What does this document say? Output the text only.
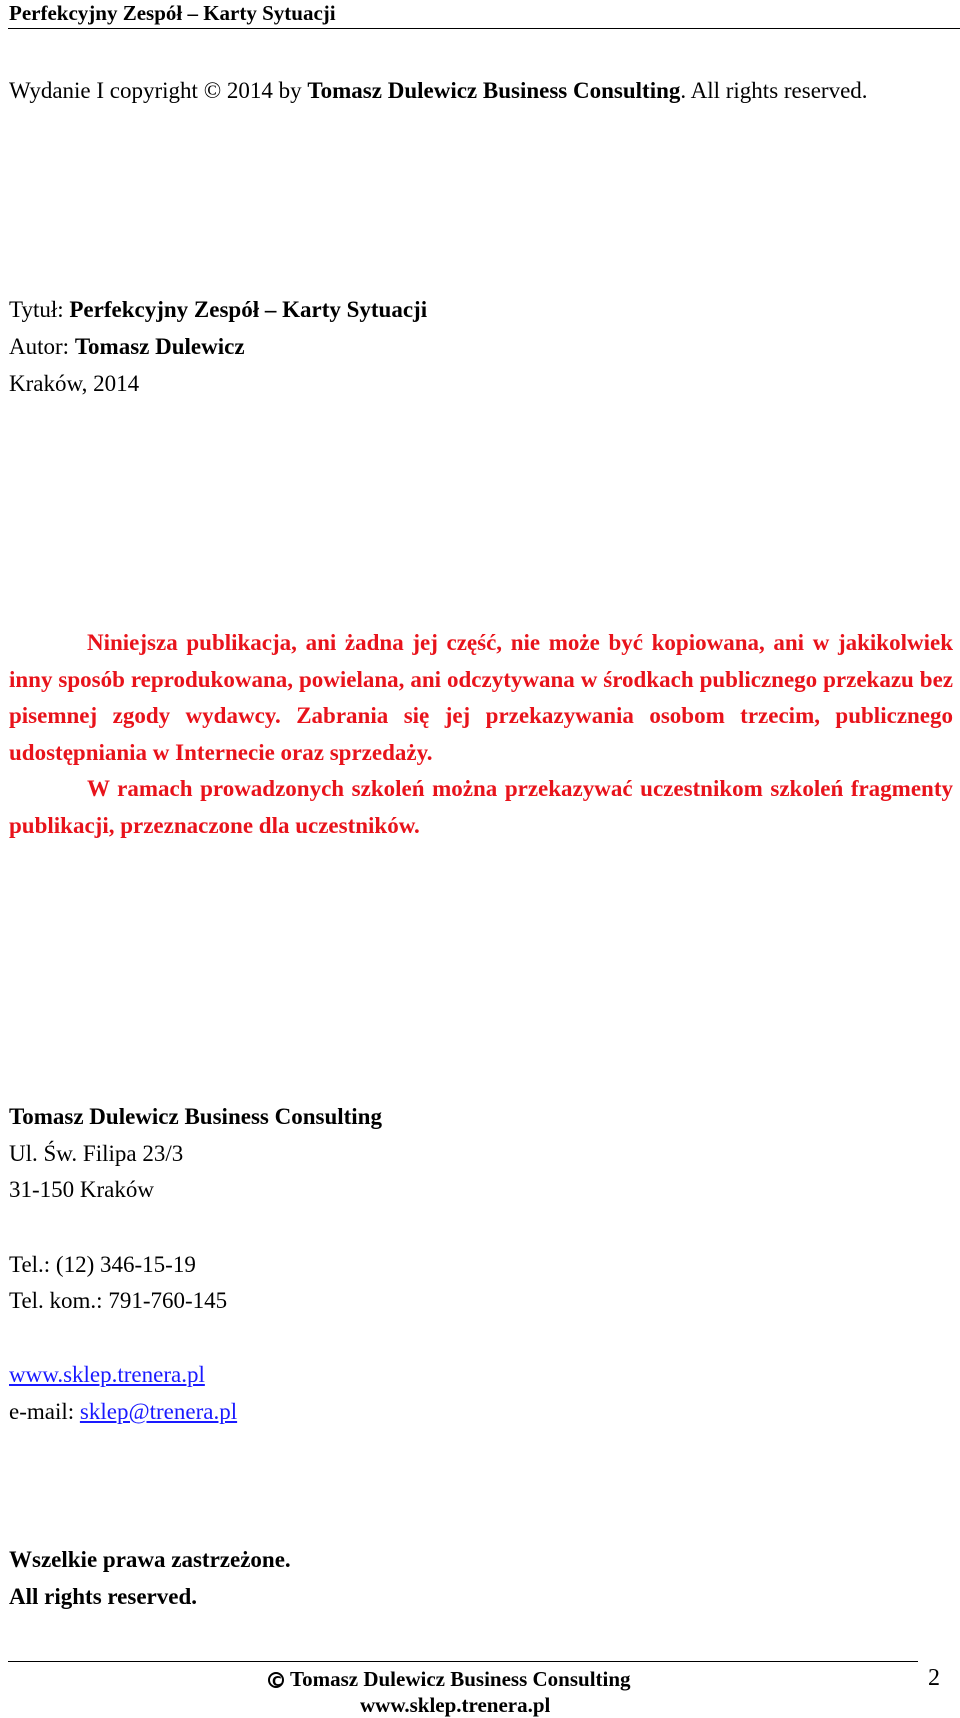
Perfekcyjny Zespół – Karty Sytuacji
Wydanie I copyright © 2014 by Tomasz Dulewicz Business Consulting. All rights reserved.
Tytuł: Perfekcyjny Zespół – Karty Sytuacji
Autor: Tomasz Dulewicz
Kraków, 2014

Niniejsza publikacja, ani żadna jej część, nie może być kopiowana, ani w jakikolwiek inny sposób reprodukowana, powielana, ani odczytywana w środkach publicznego przekazu bez pisemnej zgody wydawcy. Zabrania się jej przekazywania osobom trzecim, publicznego udostępniania w Internecie oraz sprzedaży.

W ramach prowadzonych szkoleń można przekazywać uczestnikom szkoleń fragmenty publikacji, przeznaczone dla uczestników.

Tomasz Dulewicz Business Consulting
Ul. Św. Filipa 23/3
31-150 Kraków
Tel.: (12) 346-15-19
Tel. kom.: 791-760-145
www.sklep.trenera.pl
e-mail: sklep@trenera.pl
Wszelkie prawa zastrzeżone.
All rights reserved.
CTomasz Dulewicz Business Consulting
www.sklep.trenera.pl
2
